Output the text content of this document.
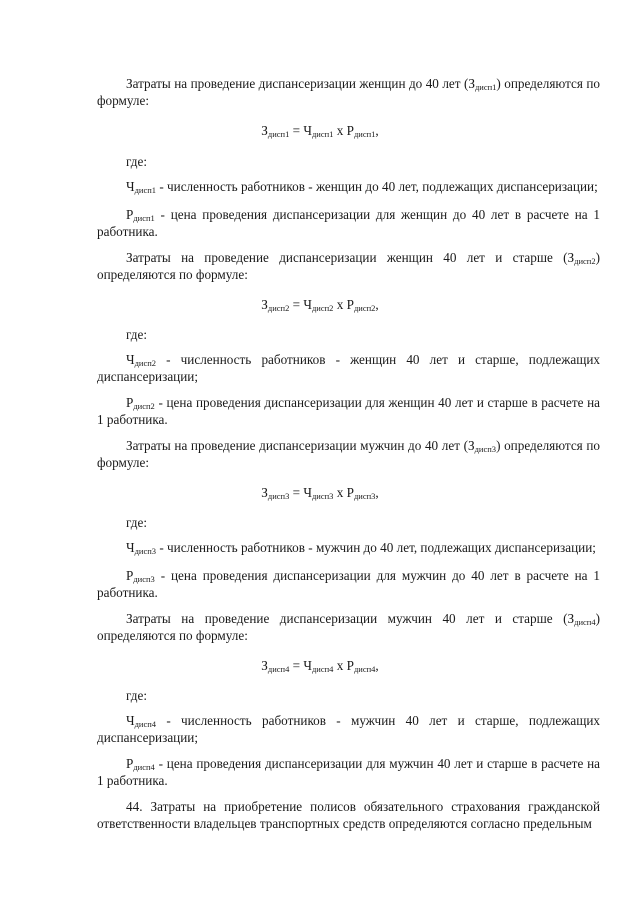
Затраты на проведение диспансеризации женщин до 40 лет $(З_{дисп1})$ определяются по формуле:

$З_{дисп1} = Ч_{дисп1}$ х $Р_{дисп1}$,

где:

$Ч_{дисп1}$ - численность работников - женщин до 40 лет, подлежащих диспансеризации;

$Р_{дисп1}$ - цена проведения диспансеризации для женщин до 40 лет в расчете на 1 работника.

Затраты на проведение диспансеризации женщин 40 лет и старше $(З_{дисп2})$ определяются по формуле:

$З_{дисп2} = Ч_{дисп2}$ х $Р_{дисп2}$,

где:

$Ч_{дисп2}$ - численность работников - женщин 40 лет и старше, подлежащих диспансеризации;

$Р_{дисп2}$ - цена проведения диспансеризации для женщин 40 лет и старше в расчете на 1 работника.

Затраты на проведение диспансеризации мужчин до 40 лет $(З_{дисп3})$ определяются по формуле:

$З_{дисп3} = Ч_{дисп3}$ х $Р_{дисп3}$,

где:

$Ч_{дисп3}$ - численность работников - мужчин до 40 лет, подлежащих диспансеризации;

$Р_{дисп3}$ - цена проведения диспансеризации для мужчин до 40 лет в расчете на 1 работника.

Затраты на проведение диспансеризации мужчин 40 лет и старше $(З_{дисп4})$ определяются по формуле:

$З_{дисп4} = Ч_{дисп4}$ х $Р_{дисп4}$,

где:

$Ч_{дисп4}$ - численность работников - мужчин 40 лет и старше, подлежащих диспансеризации;

$Р_{дисп4}$ - цена проведения диспансеризации для мужчин 40 лет и старше в расчете на 1 работника.

44. Затраты на приобретение полисов обязательного страхования гражданской ответственности владельцев транспортных средств определяются согласно предельным
